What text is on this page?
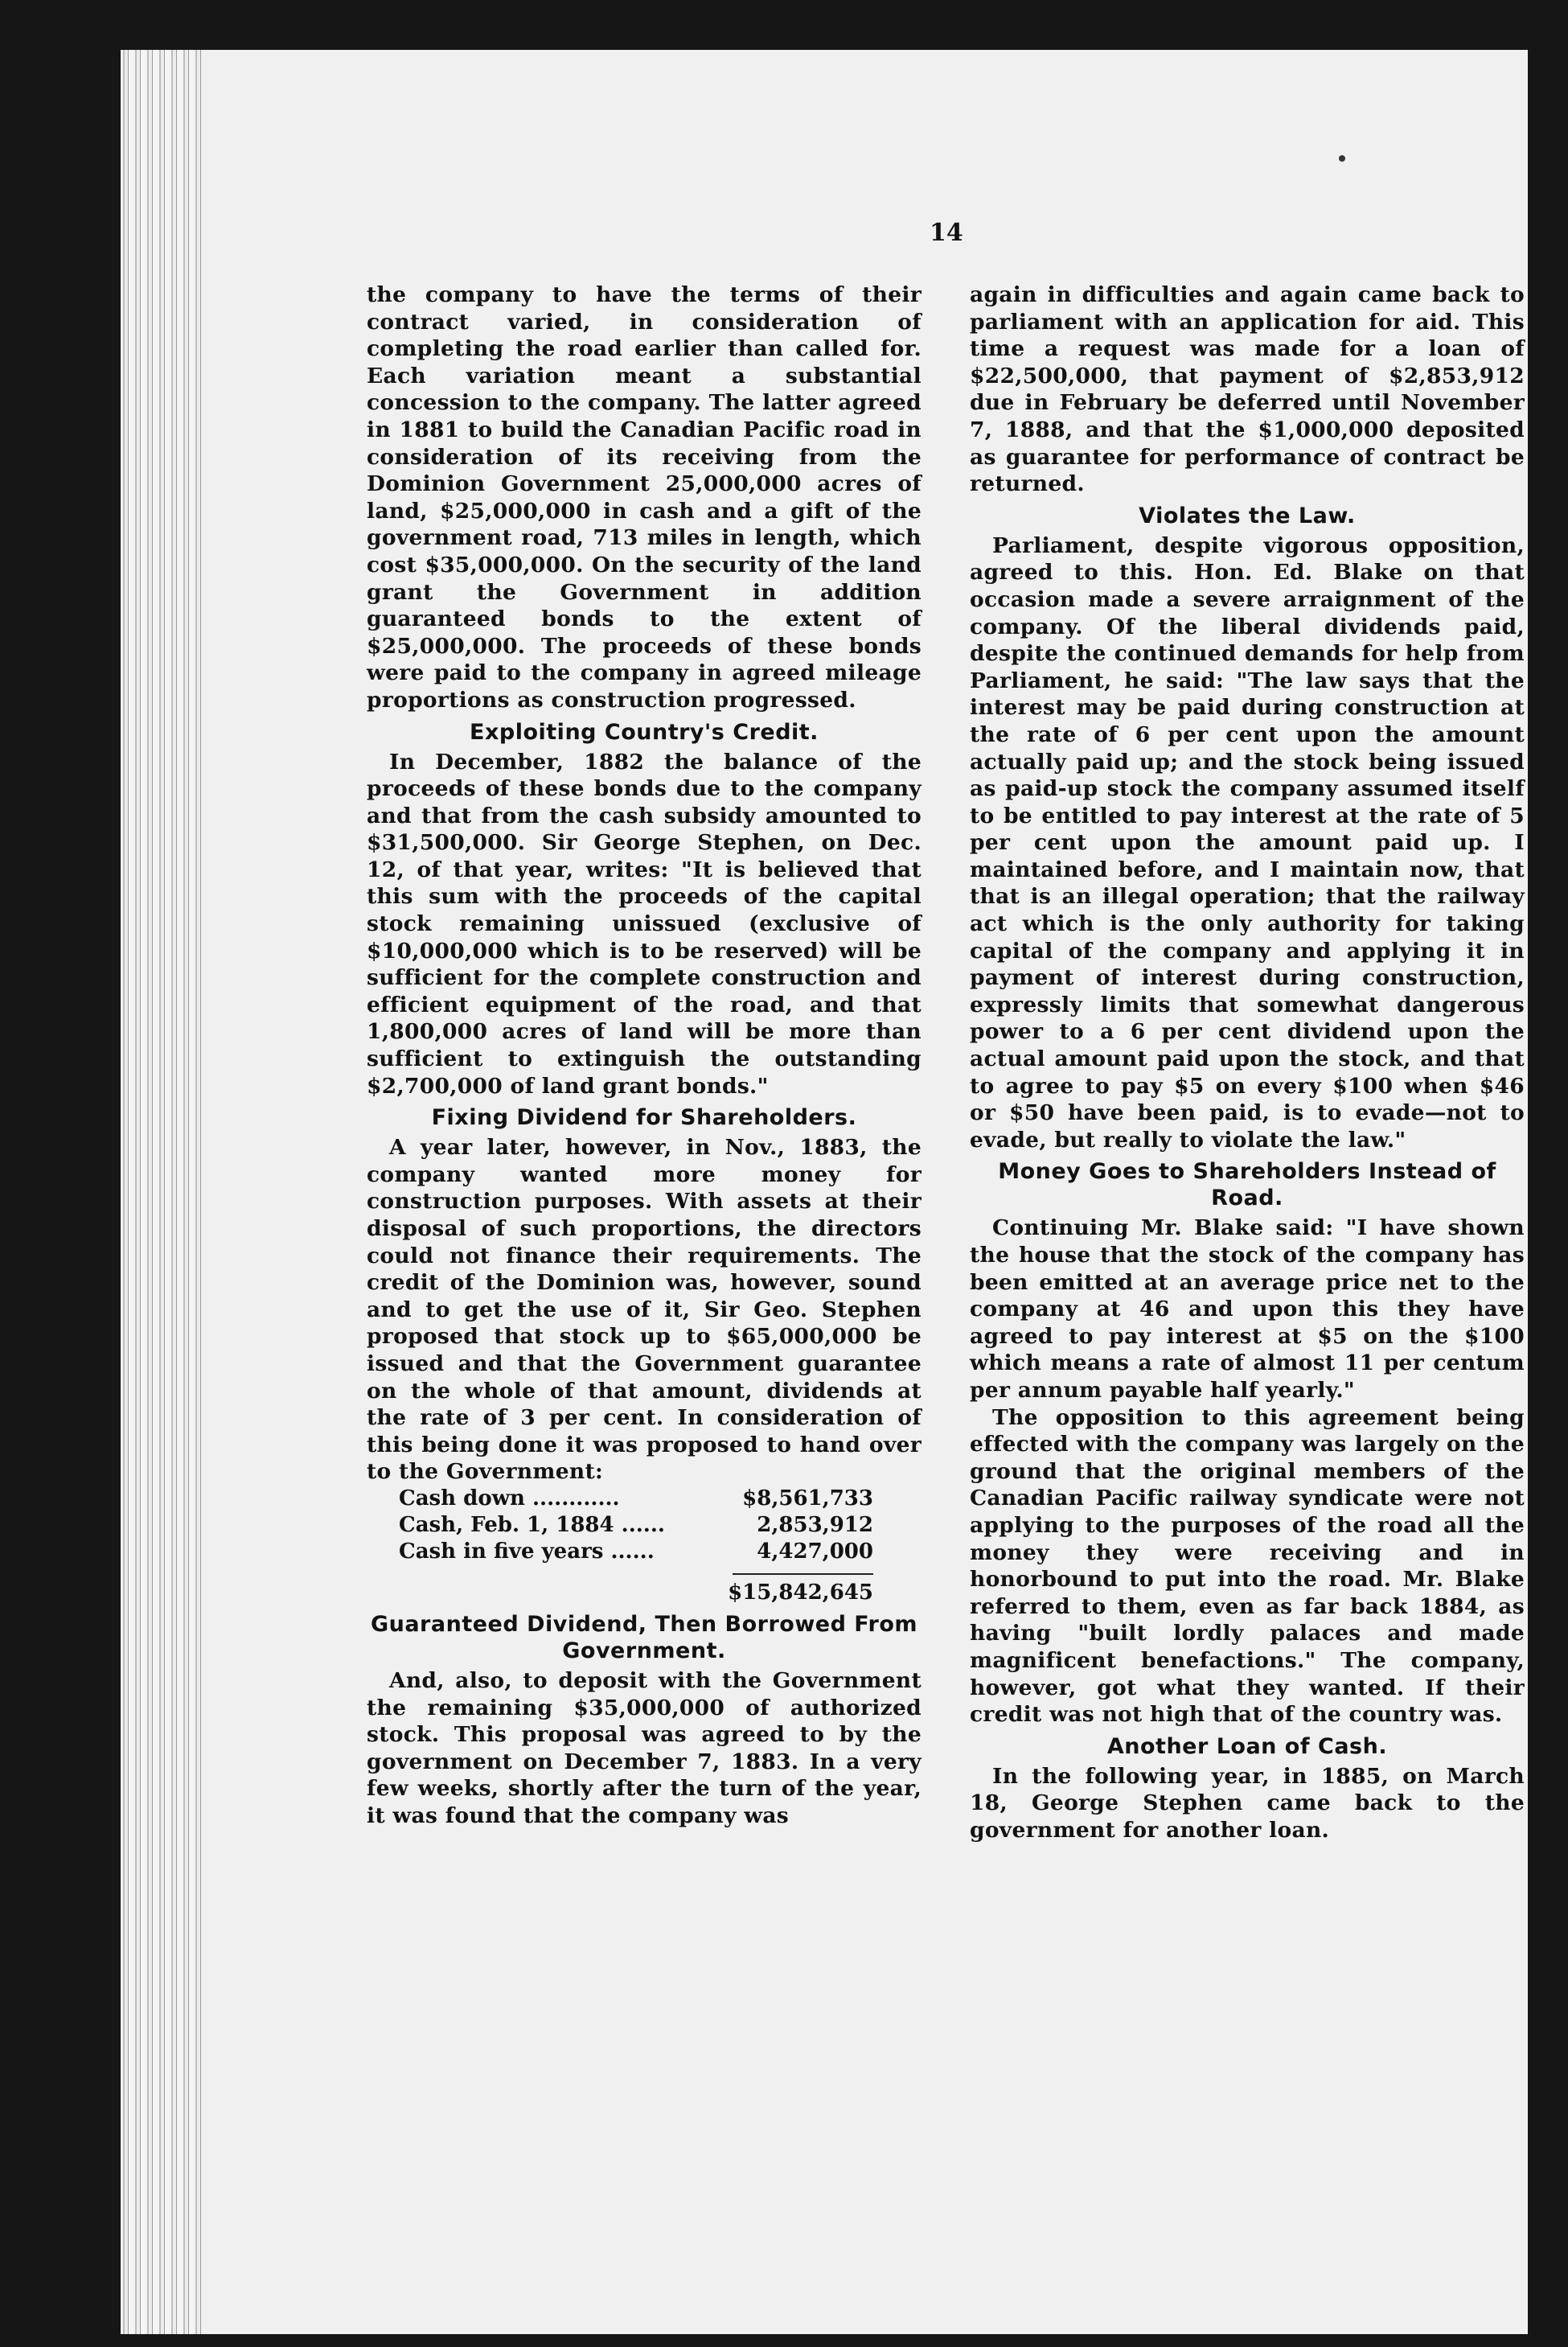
14

the company to have the terms of their contract varied, in consideration of completing the road earlier than called for. Each variation meant a substantial concession to the company. The latter agreed in 1881 to build the Canadian Pacific road in consideration of its receiving from the Dominion Government 25,000,000 acres of land, $25,000,000 in cash and a gift of the government road, 713 miles in length, which cost $35,000,000. On the security of the land grant the Government in addition guaranteed bonds to the extent of $25,000,000. The proceeds of these bonds were paid to the company in agreed mileage proportions as construction progressed.

Exploiting Country's Credit.

In December, 1882 the balance of the proceeds of these bonds due to the company and that from the cash subsidy amounted to $31,500,000. Sir George Stephen, on Dec. 12, of that year, writes: "It is believed that this sum with the proceeds of the capital stock remaining unissued (exclusive of $10,000,000 which is to be reserved) will be sufficient for the complete construction and efficient equipment of the road, and that 1,800,000 acres of land will be more than sufficient to extinguish the outstanding $2,700,000 of land grant bonds."

Fixing Dividend for Shareholders.

A year later, however, in Nov., 1883, the company wanted more money for construction purposes. With assets at their disposal of such proportions, the directors could not finance their requirements. The credit of the Dominion was, however, sound and to get the use of it, Sir Geo. Stephen proposed that stock up to $65,000,000 be issued and that the Government guarantee on the whole of that amount, dividends at the rate of 3 per cent. In consideration of this being done it was proposed to hand over to the Government:

Cash down ............	$8,561,733
Cash, Feb. 1, 1884 ......	2,853,912
Cash in five years ......	4,427,000
$15,842,645
Guaranteed Dividend, Then Borrowed From Government.

And, also, to deposit with the Government the remaining $35,000,000 of authorized stock. This proposal was agreed to by the government on December 7, 1883. In a very few weeks, shortly after the turn of the year, it was found that the company was

again in difficulties and again came back to parliament with an application for aid. This time a request was made for a loan of $22,500,000, that payment of $2,853,912 due in February be deferred until November 7, 1888, and that the $1,000,000 deposited as guarantee for performance of contract be returned.

Violates the Law.

Parliament, despite vigorous opposition, agreed to this. Hon. Ed. Blake on that occasion made a severe arraignment of the company. Of the liberal dividends paid, despite the continued demands for help from Parliament, he said: "The law says that the interest may be paid during construction at the rate of 6 per cent upon the amount actually paid up; and the stock being issued as paid-up stock the company assumed itself to be entitled to pay interest at the rate of 5 per cent upon the amount paid up. I maintained before, and I maintain now, that that is an illegal operation; that the railway act which is the only authority for taking capital of the company and applying it in payment of interest during construction, expressly limits that somewhat dangerous power to a 6 per cent dividend upon the actual amount paid upon the stock, and that to agree to pay $5 on every $100 when $46 or $50 have been paid, is to evade—not to evade, but really to violate the law."

Money Goes to Shareholders Instead of Road.

Continuing Mr. Blake said: "I have shown the house that the stock of the company has been emitted at an average price net to the company at 46 and upon this they have agreed to pay interest at $5 on the $100 which means a rate of almost 11 per centum per annum payable half yearly."

The opposition to this agreement being effected with the company was largely on the ground that the original members of the Canadian Pacific railway syndicate were not applying to the purposes of the road all the money they were receiving and in honorbound to put into the road. Mr. Blake referred to them, even as far back 1884, as having "built lordly palaces and made magnificent benefactions." The company, however, got what they wanted. If their credit was not high that of the country was.

Another Loan of Cash.

In the following year, in 1885, on March 18, George Stephen came back to the government for another loan.
